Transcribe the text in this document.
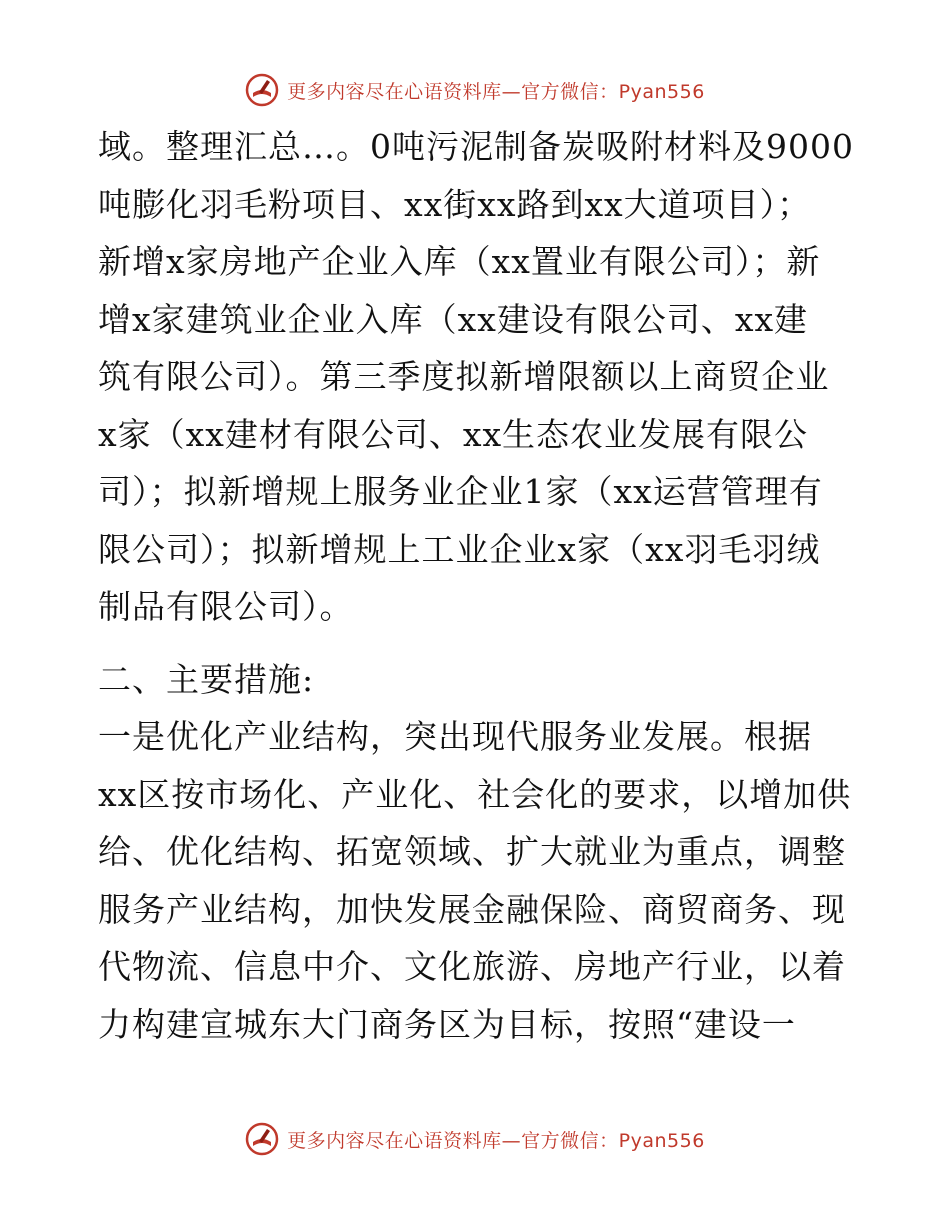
更多内容尽在心语资料库—官方微信：Pyan556
域。整理汇总…。0吨污泥制备炭吸附材料及9000
吨膨化羽毛粉项目、xx街xx路到xx大道项目）；
新增x家房地产企业入库（xx置业有限公司）；新
增x家建筑业企业入库（xx建设有限公司、xx建
筑有限公司）。第三季度拟新增限额以上商贸企业
x家（xx建材有限公司、xx生态农业发展有限公
司）；拟新增规上服务业企业1家（xx运营管理有
限公司）；拟新增规上工业企业x家（xx羽毛羽绒
制品有限公司）。
二、主要措施:
一是优化产业结构，突出现代服务业发展。根据
xx区按市场化、产业化、社会化的要求，以增加供
给、优化结构、拓宽领域、扩大就业为重点，调整
服务产业结构，加快发展金融保险、商贸商务、现
代物流、信息中介、文化旅游、房地产行业，以着
力构建宣城东大门商务区为目标，按照“建设一
更多内容尽在心语资料库—官方微信：Pyan556
